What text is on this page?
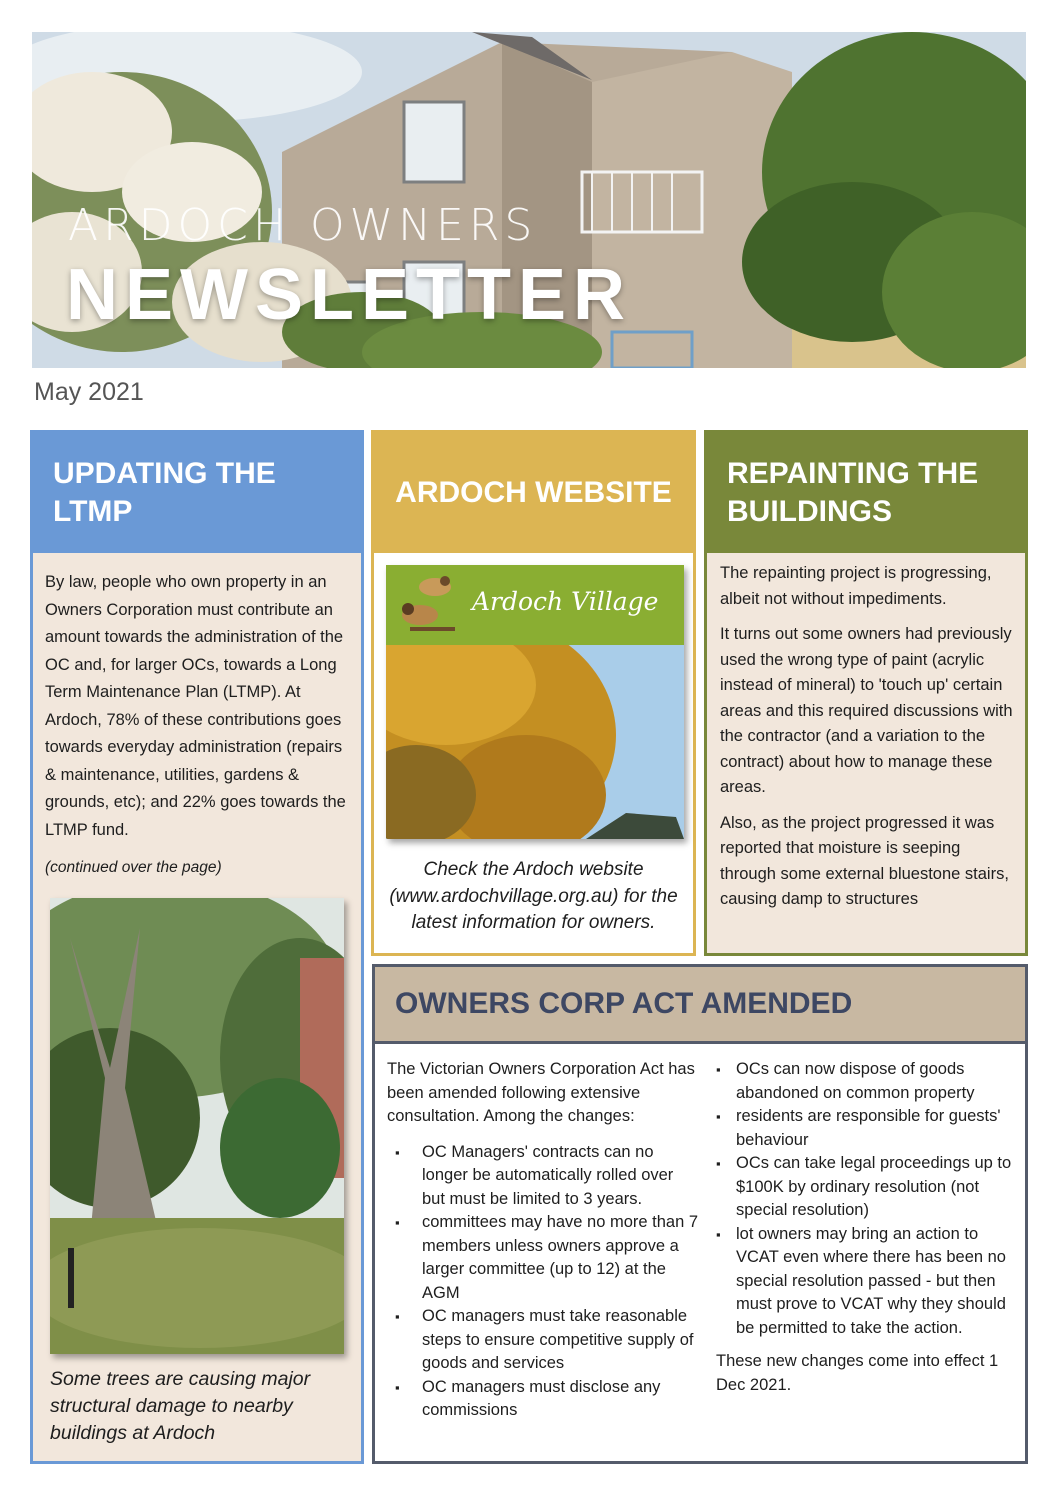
ARDOCH OWNERS
NEWSLETTER
May 2021
UPDATING THE LTMP

By law, people who own property in an Owners Corporation must contribute an amount towards the administration of the OC and, for larger OCs, towards a Long Term Maintenance Plan (LTMP). At Ardoch, 78% of these contributions goes towards everyday administration (repairs & maintenance, utilities, gardens & grounds, etc); and 22% goes towards the LTMP fund.

(continued over the page)

Some trees are causing major structural damage to nearby buildings at Ardoch

ARDOCH WEBSITE
Ardoch Village

Check the Ardoch website (www.ardochvillage.org.au) for the latest information for owners.

REPAINTING THE BUILDINGS

The repainting project is progressing, albeit not without impediments.

It turns out some owners had previously used the wrong type of paint (acrylic instead of mineral) to 'touch up' certain areas and this required discussions with the contractor (and a variation to the contract) about how to manage these areas.

Also, as the project progressed it was reported that moisture is seeping through some external bluestone stairs, causing damp to structures

OWNERS CORP ACT AMENDED

The Victorian Owners Corporation Act has been amended following extensive consultation. Among the changes:

▪ OC Managers' contracts can no longer be automatically rolled over but must be limited to 3 years.
▪ committees may have no more than 7 members unless owners approve a larger committee (up to 12) at the AGM
▪ OC managers must take reasonable steps to ensure competitive supply of goods and services
▪ OC managers must disclose any commissions
▪ OCs can now dispose of goods abandoned on common property
▪ residents are responsible for guests' behaviour
▪ OCs can take legal proceedings up to $100K by ordinary resolution (not special resolution)
▪ lot owners may bring an action to VCAT even where there has been no special resolution passed - but then must prove to VCAT why they should be permitted to take the action.

These new changes come into effect 1 Dec 2021.
